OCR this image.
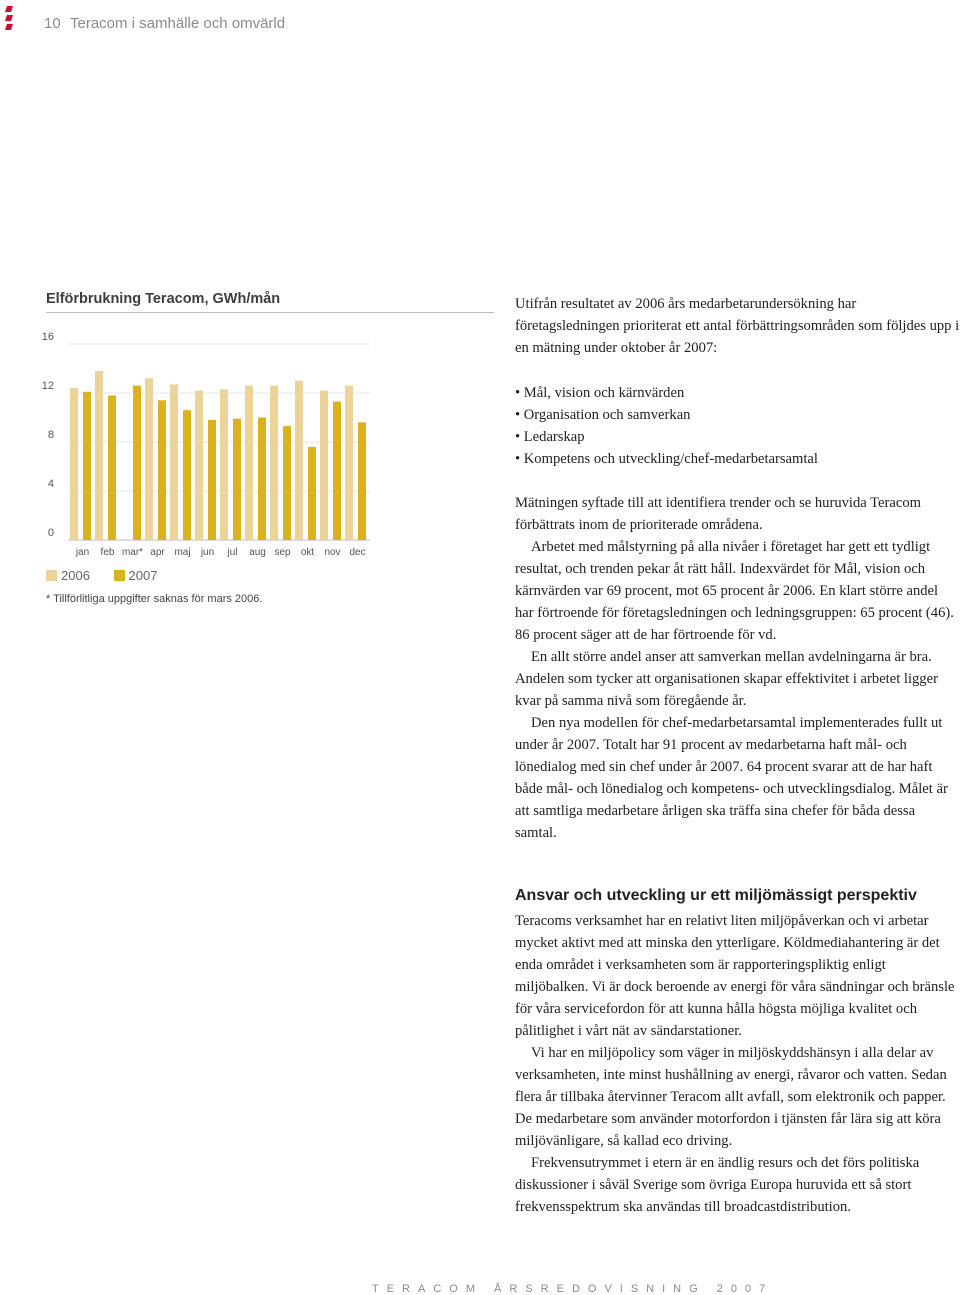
10 Teracom i samhälle och omvärld
Elförbrukning Teracom, GWh/mån
0
4
8
12
16
jan feb mar* apr maj jun jul aug sep okt nov dec
2006	2007
* Tillförlitliga uppgifter saknas för mars 2006.

Utifrån resultatet av 2006 års medarbetarundersökning har företagsledningen prioriterat ett antal förbättringsområden som följdes upp i en mätning under oktober år 2007:

• Mål, vision och kärnvärden
• Organisation och samverkan
• Ledarskap
• Kompetens och utveckling/chef-medarbetarsamtal

Mätningen syftade till att identifiera trender och se huruvida Teracom förbättrats inom de prioriterade områdena.

Arbetet med målstyrning på alla nivåer i företaget har gett ett tydligt resultat, och trenden pekar åt rätt håll. Indexvärdet för Mål, vision och kärnvärden var 69 procent, mot 65 procent år 2006. En klart större andel har förtroende för företagsledningen och ledningsgruppen: 65 procent (46). 86 procent säger att de har förtroende för vd.

En allt större andel anser att samverkan mellan avdelningarna är bra. Andelen som tycker att organisationen skapar effektivitet i arbetet ligger kvar på samma nivå som föregående år.

Den nya modellen för chef-medarbetarsamtal implementerades fullt ut under år 2007. Totalt har 91 procent av medarbetarna haft mål- och lönedialog med sin chef under år 2007. 64 procent svarar att de har haft både mål- och lönedialog och kompetens- och utvecklingsdialog. Målet är att samtliga medarbetare årligen ska träffa sina chefer för båda dessa samtal.

Ansvar och utveckling ur ett miljömässigt perspektiv

Teracoms verksamhet har en relativt liten miljöpåverkan och vi arbetar mycket aktivt med att minska den ytterligare. Köldmediahantering är det enda området i verksamheten som är rapporteringspliktig enligt miljöbalken. Vi är dock beroende av energi för våra sändningar och bränsle för våra servicefordon för att kunna hålla högsta möjliga kvalitet och pålitlighet i vårt nät av sändarstationer.

Vi har en miljöpolicy som väger in miljöskyddshänsyn i alla delar av verksamheten, inte minst hushållning av energi, råvaror och vatten. Sedan flera år tillbaka återvinner Teracom allt avfall, som elektronik och papper. De medarbetare som använder motorfordon i tjänsten får lära sig att köra miljövänligare, så kallad eco driving.

Frekvensutrymmet i etern är en ändlig resurs och det förs politiska diskussioner i såväl Sverige som övriga Europa huruvida ett så stort frekvensspektrum ska användas till broadcastdistribution.

TERACOM ÅRSREDOVISNING 2007
